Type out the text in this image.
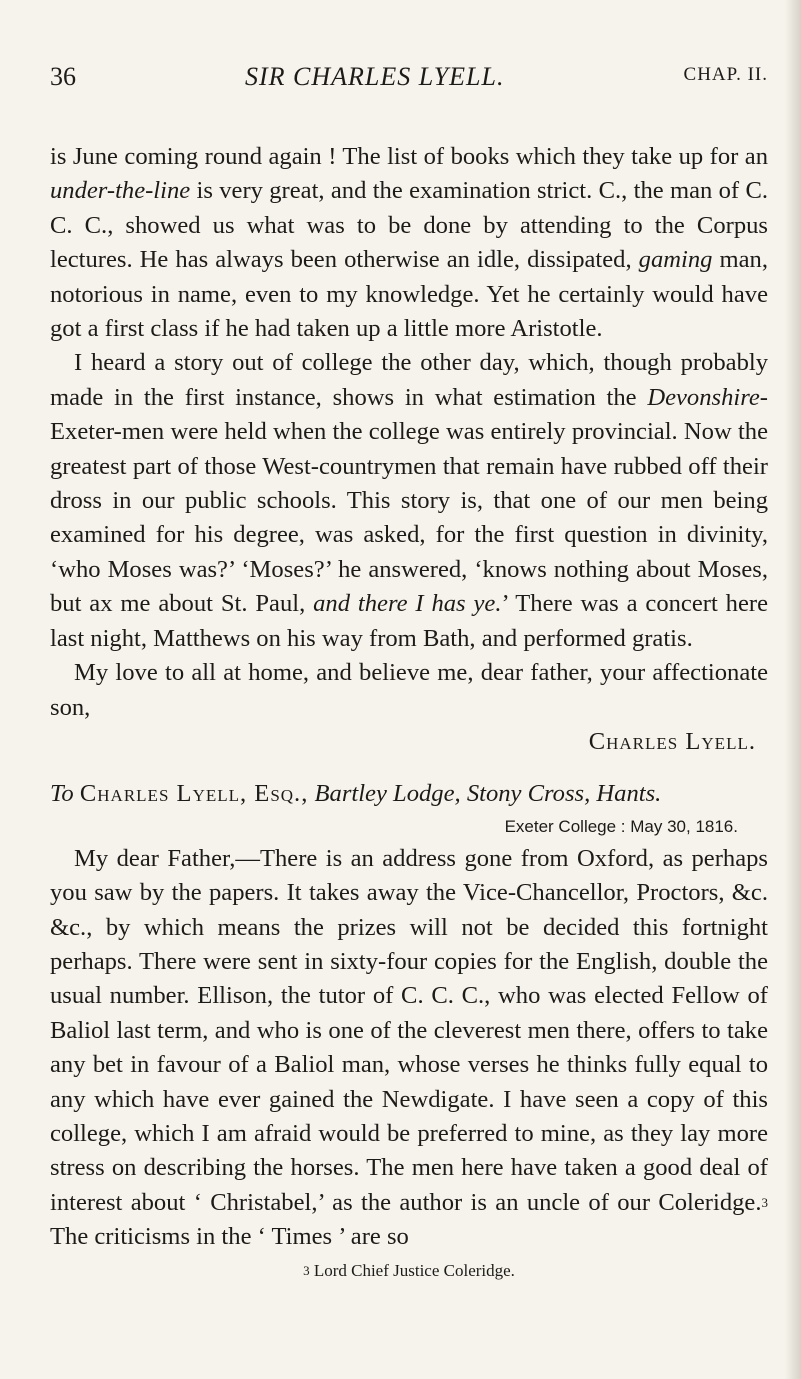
36	SIR CHARLES LYELL.	CHAP. II.

is June coming round again ! The list of books which they take up for an under-the-line is very great, and the examination strict. C., the man of C. C. C., showed us what was to be done by attending to the Corpus lectures. He has always been otherwise an idle, dissipated, gaming man, notorious in name, even to my knowledge. Yet he certainly would have got a first class if he had taken up a little more Aristotle.

I heard a story out of college the other day, which, though probably made in the first instance, shows in what estimation the Devonshire-Exeter-men were held when the college was entirely provincial. Now the greatest part of those West-countrymen that remain have rubbed off their dross in our public schools. This story is, that one of our men being examined for his degree, was asked, for the first question in divinity, ‘who Moses was?’ ‘Moses?’ he answered, ‘knows nothing about Moses, but ax me about St. Paul, and there I has ye.’ There was a concert here last night, Matthews on his way from Bath, and performed gratis.

My love to all at home, and believe me, dear father, your affectionate son,

Charles Lyell.

To Charles Lyell, Esq., Bartley Lodge, Stony Cross, Hants.

Exeter College : May 30, 1816.

My dear Father,—There is an address gone from Oxford, as perhaps you saw by the papers. It takes away the Vice-Chancellor, Proctors, &c. &c., by which means the prizes will not be decided this fortnight perhaps. There were sent in sixty-four copies for the English, double the usual number. Ellison, the tutor of C. C. C., who was elected Fellow of Baliol last term, and who is one of the cleverest men there, offers to take any bet in favour of a Baliol man, whose verses he thinks fully equal to any which have ever gained the Newdigate. I have seen a copy of this college, which I am afraid would be preferred to mine, as they lay more stress on describing the horses. The men here have taken a good deal of interest about ‘ Christabel,’ as the author is an uncle of our Coleridge.$^3$ The criticisms in the ‘ Times ’ are so

$^3$ Lord Chief Justice Coleridge.
